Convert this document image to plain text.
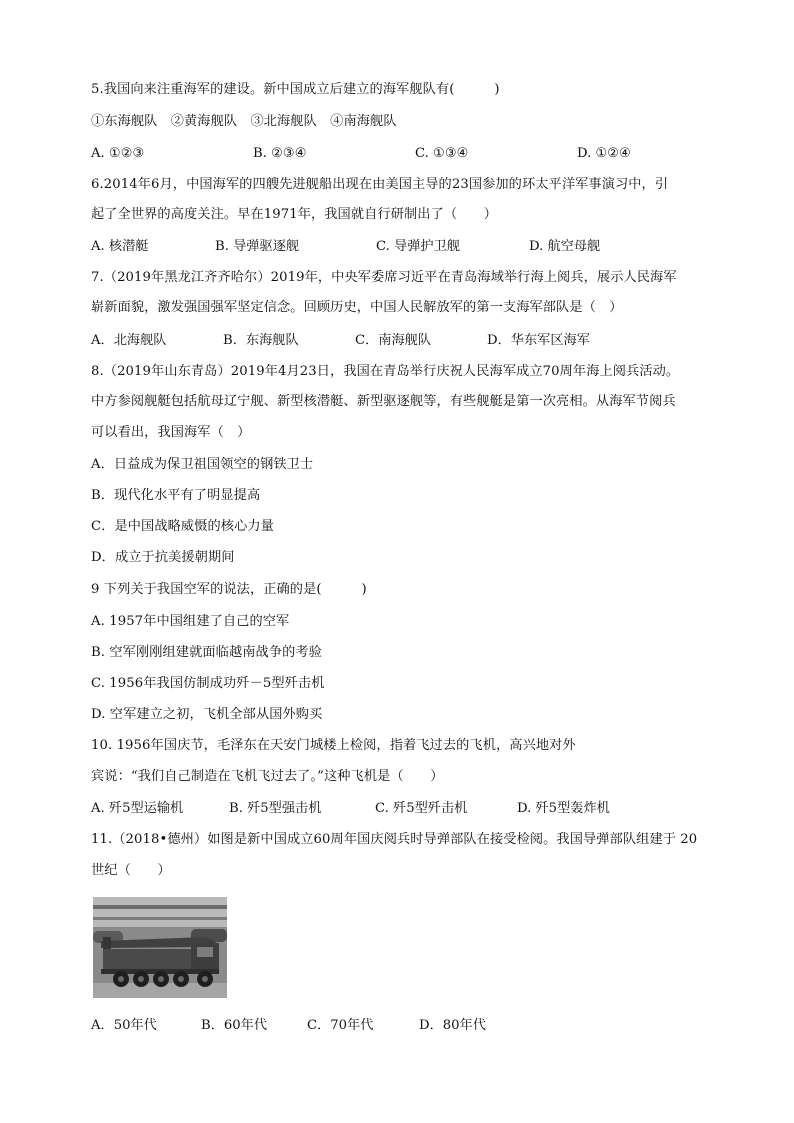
5.我国向来注重海军的建设。新中国成立后建立的海军舰队有(　　　)
①东海舰队　②黄海舰队　③北海舰队　④南海舰队
A. ①②③	B. ②③④	C. ①③④	D. ①②④
6.2014年6月，中国海军的四艘先进舰船出现在由美国主导的23国参加的环太平洋军事演习中，引
起了全世界的高度关注。早在1971年，我国就自行研制出了（　　）
A. 核潜艇	B. 导弹驱逐舰	C. 导弹护卫舰	D. 航空母舰
7.（2019年黑龙江齐齐哈尔）2019年，中央军委席习近平在青岛海域举行海上阅兵，展示人民海军
崭新面貌，激发强国强军坚定信念。回顾历史，中国人民解放军的第一支海军部队是（　）
A．北海舰队	B．东海舰队	C．南海舰队	D．华东军区海军
8.（2019年山东青岛）2019年4月23日，我国在青岛举行庆祝人民海军成立70周年海上阅兵活动。
中方参阅舰艇包括航母辽宁舰、新型核潜艇、新型驱逐舰等，有些舰艇是第一次亮相。从海军节阅兵
可以看出，我国海军（　）
A．日益成为保卫祖国领空的钢铁卫士
B．现代化水平有了明显提高
C．是中国战略威慑的核心力量
D．成立于抗美援朝期间
9 下列关于我国空军的说法，正确的是(　　　)
A. 1957年中国组建了自己的空军
B. 空军刚刚组建就面临越南战争的考验
C. 1956年我国仿制成功歼－5型歼击机
D. 空军建立之初，飞机全部从国外购买
10. 1956年国庆节，毛泽东在天安门城楼上检阅，指着飞过去的飞机，高兴地对外
宾说：“我们自己制造在飞机飞过去了。”这种飞机是（　　）
A. 歼5型运输机	B. 歼5型强击机	C. 歼5型歼击机	D. 歼5型轰炸机
11.（2018•德州）如图是新中国成立60周年国庆阅兵时导弹部队在接受检阅。我国导弹部队组建于 20
世纪（　　）
A．50年代	B．60年代	C．70年代	D．80年代
